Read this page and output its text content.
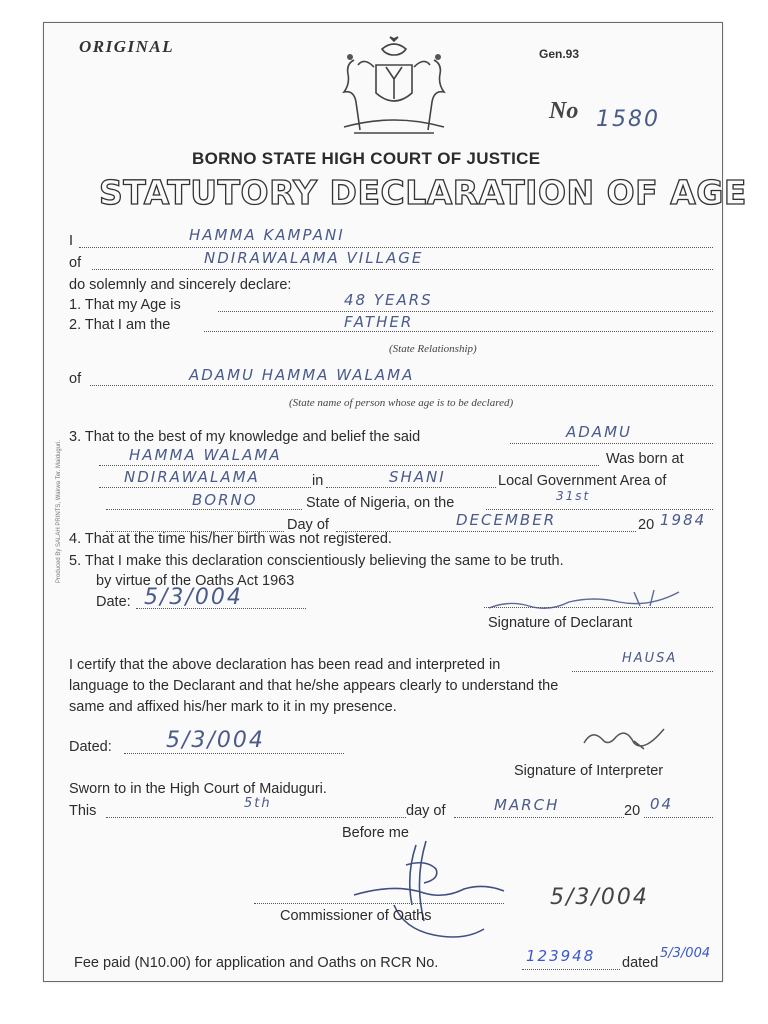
ORIGINAL	Gen.93
No 1580
BORNO STATE HIGH COURT OF JUSTICE
STATUTORY DECLARATION OF AGE
I	HAMMA KAMPANI
of	NDIRAWALAMA VILLAGE
do solemnly and sincerely declare:
1. That my Age is	48 YEARS
2. That I am the	FATHER
(State Relationship)
of	ADAMU HAMMA WALAMA
(State name of person whose age is to be declared)
3. That to the best of my knowledge and belief the said	ADAMU
HAMMA WALAMA	Was born at
NDIRAWALAMA	in	SHANI	Local Government Area of
BORNO	State of Nigeria, on the	31st
Day of	DECEMBER	20 1984
4. That at the time his/her birth was not registered.
5. That I make this declaration conscientiously believing the same to be truth.
by virtue of the Oaths Act 1963
Date: 5/3/004
Signature of Declarant
I certify that the above declaration has been read and interpreted in	HAUSA
language to the Declarant and that he/she appears clearly to understand the
same and affixed his/her mark to it in my presence.
Dated: 5/3/004
Signature of Interpreter
Sworn to in the High Court of Maiduguri.
This	5th	day of	MARCH	20 04
Before me
5/3/004
Commissioner of Oaths
Fee paid (N10.00) for application and Oaths on RCR No.	123948 dated
5/3/004
Produced By SALAH PRINTS, Wakwa Ter. Maiduguri.
